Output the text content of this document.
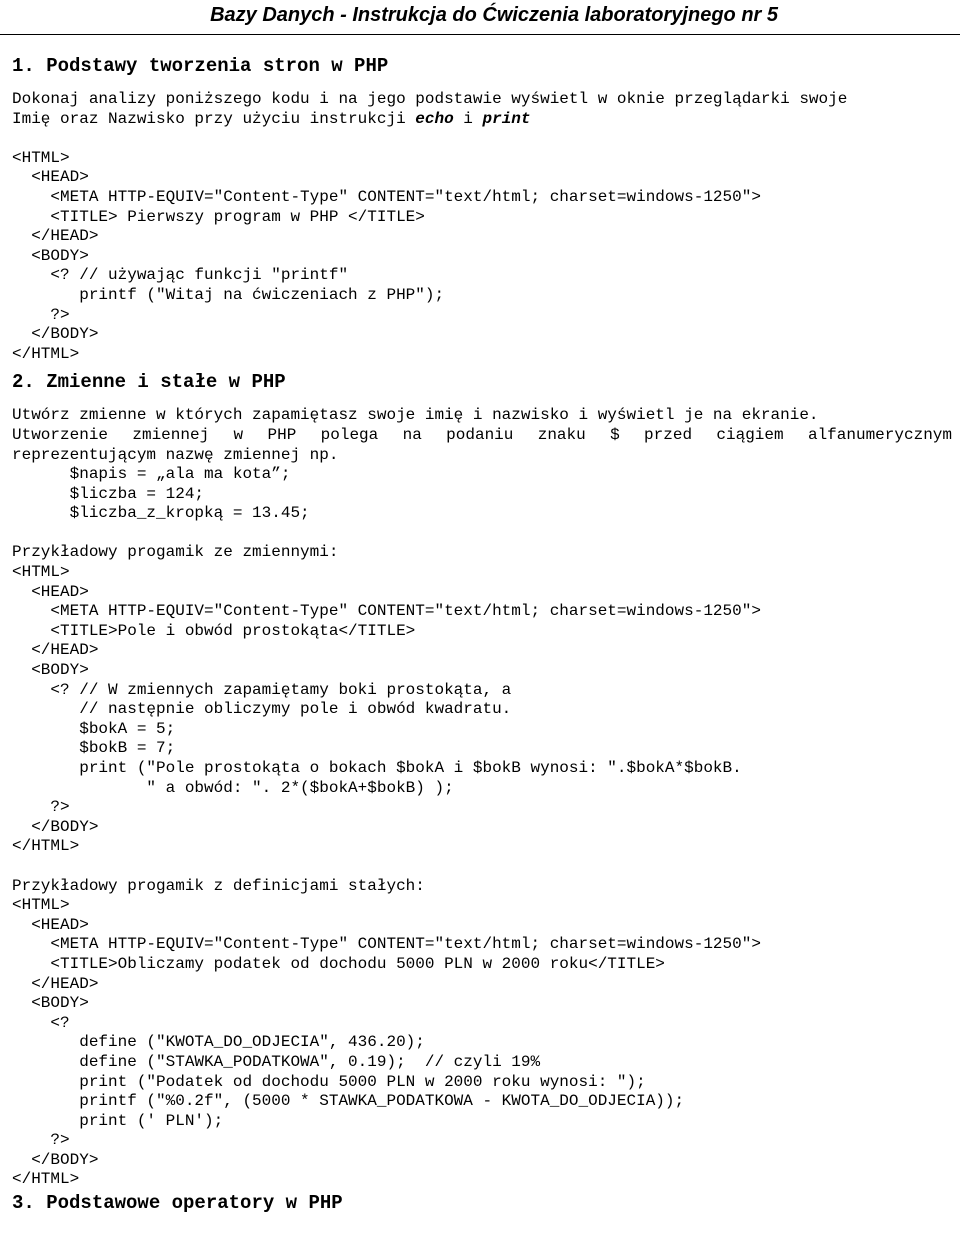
Bazy Danych - Instrukcja do Ćwiczenia laboratoryjnego nr 5
1. Podstawy tworzenia stron w PHP
Dokonaj analizy poniższego kodu i na jego podstawie wyświetl w oknie przeglądarki swoje
Imię oraz Nazwisko przy użyciu instrukcji echo i print
<HTML>
<HEAD>
<META HTTP-EQUIV="Content-Type" CONTENT="text/html; charset=windows-1250">
<TITLE> Pierwszy program w PHP </TITLE>
</HEAD>
<BODY>
<? // używając funkcji "printf"
printf ("Witaj na ćwiczeniach z PHP");
?>
</BODY>
</HTML>
2. Zmienne i stałe w PHP
Utwórz zmienne w których zapamiętasz swoje imię i nazwisko i wyświetl je na ekranie.
Utworzenie zmiennej w PHP polega na podaniu znaku $ przed ciągiem alfanumerycznym
reprezentującym nazwę zmiennej np.
$napis = „ala ma kota”;
$liczba = 124;
$liczba_z_kropką = 13.45;
Przykładowy progamik ze zmiennymi:
<HTML>
<HEAD>
<META HTTP-EQUIV="Content-Type" CONTENT="text/html; charset=windows-1250">
<TITLE>Pole i obwód prostokąta</TITLE>
</HEAD>
<BODY>
<? // W zmiennych zapamiętamy boki prostokąta, a
// następnie obliczymy pole i obwód kwadratu.
$bokA = 5;
$bokB = 7;
print ("Pole prostokąta o bokach $bokA i $bokB wynosi: ".$bokA*$bokB.
" a obwód: ". 2*($bokA+$bokB) );
?>
</BODY>
</HTML>
Przykładowy progamik z definicjami stałych:
<HTML>
<HEAD>
<META HTTP-EQUIV="Content-Type" CONTENT="text/html; charset=windows-1250">
<TITLE>Obliczamy podatek od dochodu 5000 PLN w 2000 roku</TITLE>
</HEAD>
<BODY>
<?
define ("KWOTA_DO_ODJECIA", 436.20);
define ("STAWKA_PODATKOWA", 0.19);  // czyli 19%
print ("Podatek od dochodu 5000 PLN w 2000 roku wynosi: ");
printf ("%0.2f", (5000 * STAWKA_PODATKOWA - KWOTA_DO_ODJECIA));
print (' PLN');
?>
</BODY>
</HTML>
3. Podstawowe operatory w PHP
